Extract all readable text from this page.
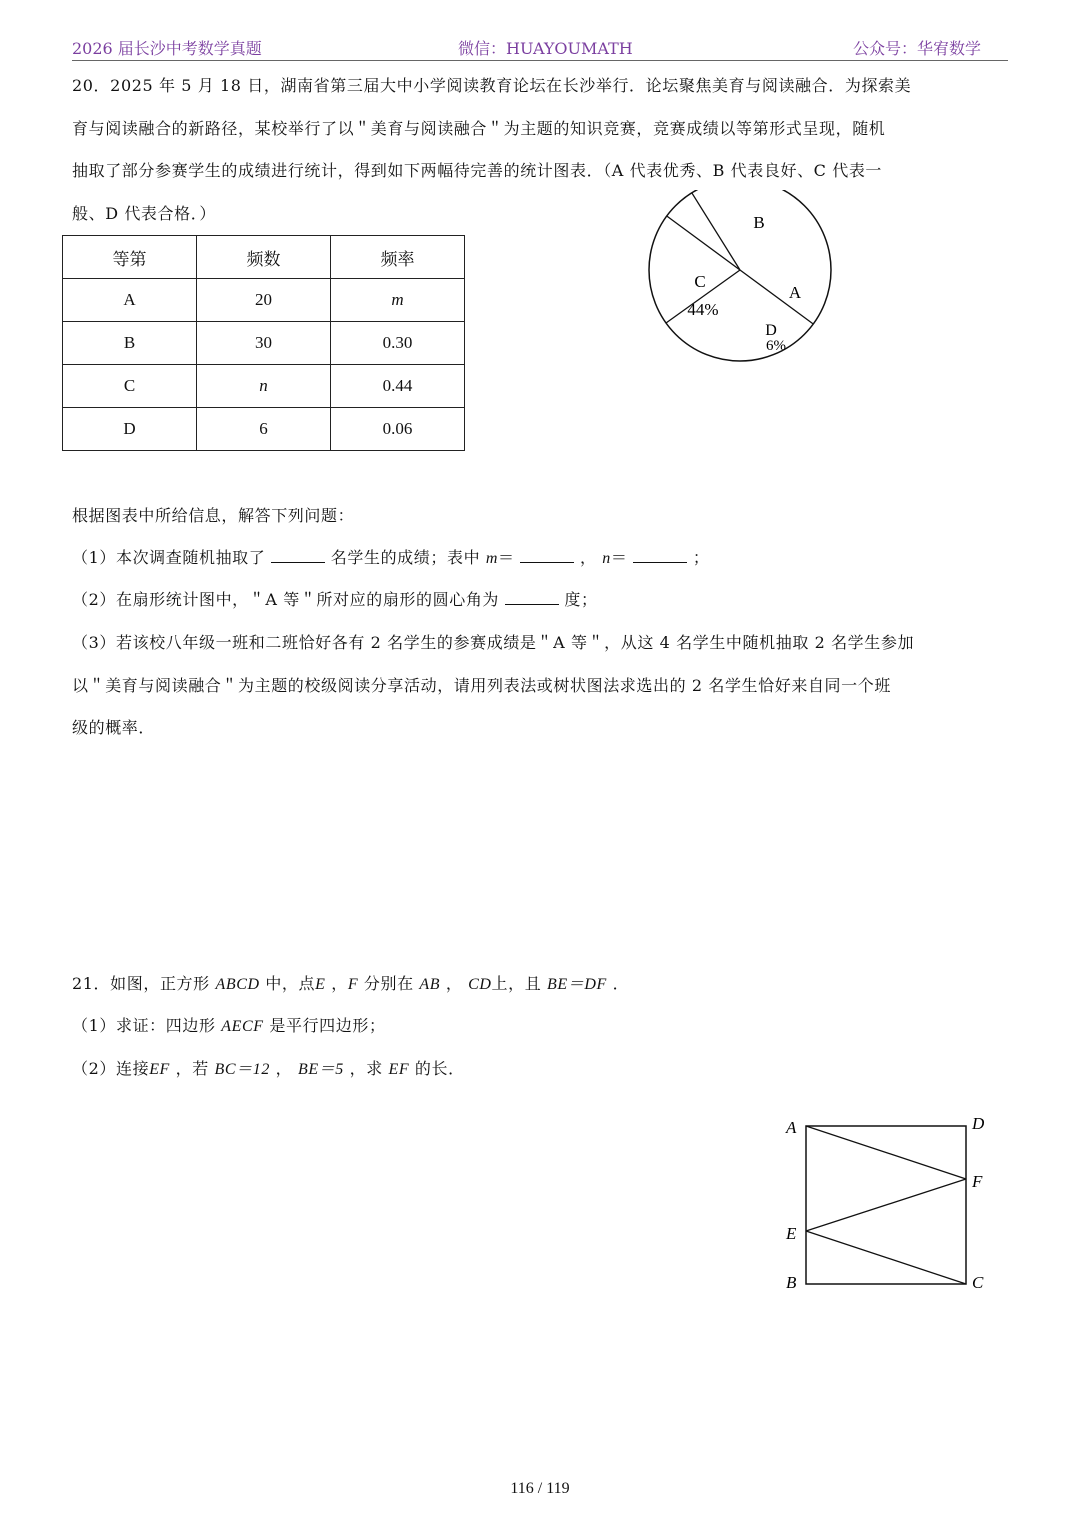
2026 届长沙中考数学真题	微信：HUAYOUMATH	公众号：华宥数学
20．2025 年 5 月 18 日，湖南省第三届大中小学阅读教育论坛在长沙举行．论坛聚焦美育与阅读融合．为探索美
育与阅读融合的新路径，某校举行了以＂美育与阅读融合＂为主题的知识竞赛，竞赛成绩以等第形式呈现，随机
抽取了部分参赛学生的成绩进行统计，得到如下两幅待完善的统计图表．（A 代表优秀、B 代表良好、C 代表一
般、D 代表合格．）
等第	频数	频率
A	20	m
B	30	0.30
C	n	0.44
D	6	0.06
B
A
C
44%
D
6%
根据图表中所给信息，解答下列问题：
（1）本次调查随机抽取了	名学生的成绩；表中 m＝	， n＝	；
（2）在扇形统计图中，＂A 等＂所对应的扇形的圆心角为	度；
（3）若该校八年级一班和二班恰好各有 2 名学生的参赛成绩是＂A 等＂，从这 4 名学生中随机抽取 2 名学生参加
以＂美育与阅读融合＂为主题的校级阅读分享活动，请用列表法或树状图法求选出的 2 名学生恰好来自同一个班
级的概率．
21．如图，正方形 ABCD 中，点E ，F 分别在 AB ， CD上，且 BE＝DF ．
（1）求证：四边形 AECF 是平行四边形；
（2）连接EF ，若 BC＝12 ， BE＝5 ，求 EF 的长．
A	D
F
E
B	C
116 / 119
